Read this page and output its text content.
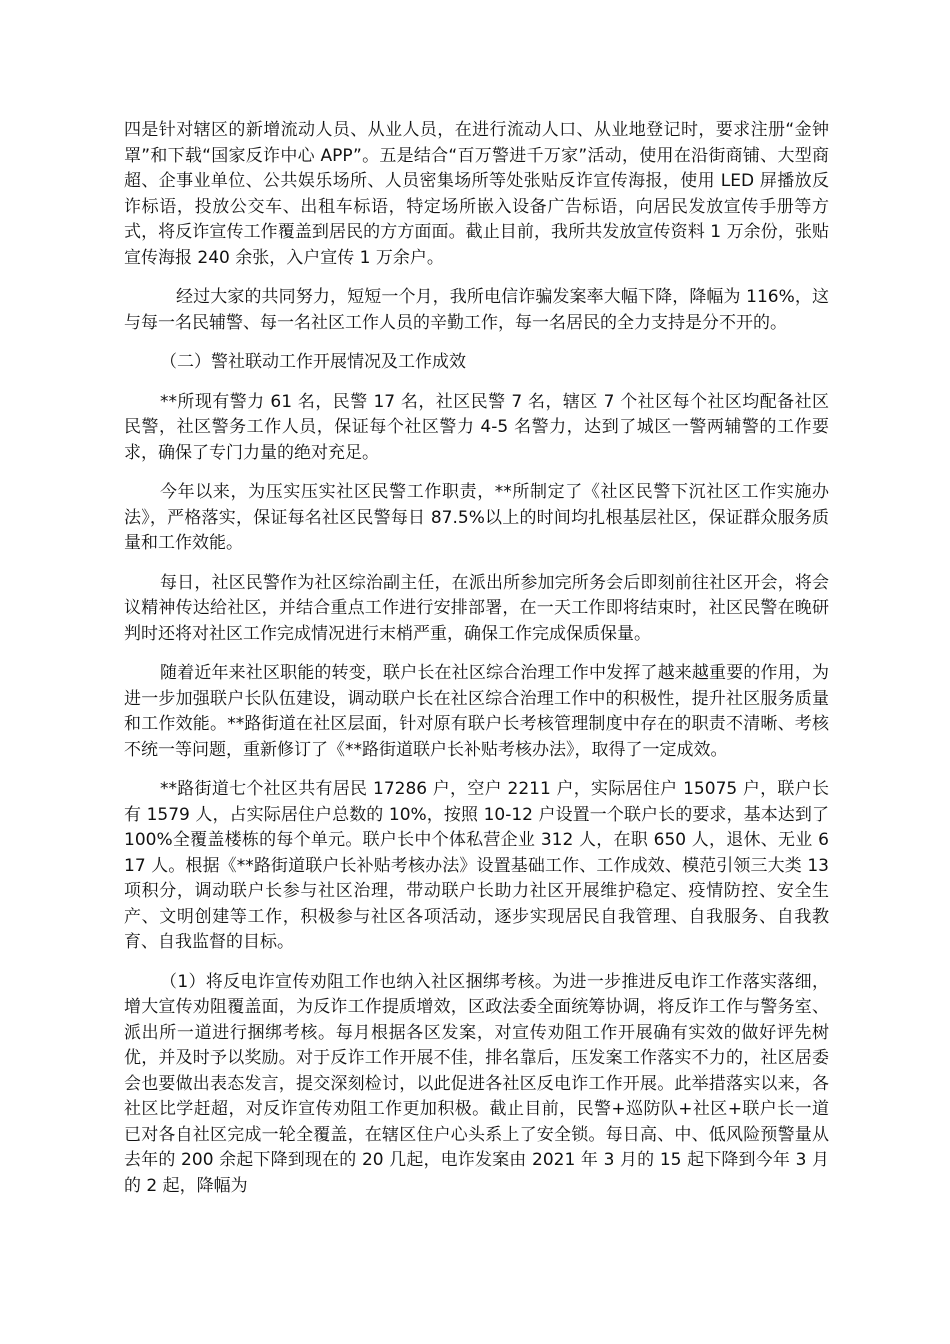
四是针对辖区的新增流动人员、从业人员，在进行流动人口、从业地登记时，要求注册“金钟罩”和下载“国家反诈中心 APP”。五是结合“百万警进千万家”活动，使用在沿街商铺、大型商超、企事业单位、公共娱乐场所、人员密集场所等处张贴反诈宣传海报，使用 LED 屏播放反诈标语，投放公交车、出租车标语，特定场所嵌入设备广告标语，向居民发放宣传手册等方式，将反诈宣传工作覆盖到居民的方方面面。截止目前，我所共发放宣传资料 1 万余份，张贴宣传海报 240 余张，入户宣传 1 万余户。

经过大家的共同努力，短短一个月，我所电信诈骗发案率大幅下降，降幅为 116%，这与每一名民辅警、每一名社区工作人员的辛勤工作，每一名居民的全力支持是分不开的。

（二）警社联动工作开展情况及工作成效

**所现有警力 61 名，民警 17 名，社区民警 7 名，辖区 7 个社区每个社区均配备社区民警，社区警务工作人员，保证每个社区警力 4-5 名警力，达到了城区一警两辅警的工作要求，确保了专门力量的绝对充足。

今年以来，为压实压实社区民警工作职责，**所制定了《社区民警下沉社区工作实施办法》，严格落实，保证每名社区民警每日 87.5%以上的时间均扎根基层社区，保证群众服务质量和工作效能。

每日，社区民警作为社区综治副主任，在派出所参加完所务会后即刻前往社区开会，将会议精神传达给社区，并结合重点工作进行安排部署，在一天工作即将结束时，社区民警在晚研判时还将对社区工作完成情况进行末梢严重，确保工作完成保质保量。

随着近年来社区职能的转变，联户长在社区综合治理工作中发挥了越来越重要的作用，为进一步加强联户长队伍建设，调动联户长在社区综合治理工作中的积极性，提升社区服务质量和工作效能。**路街道在社区层面，针对原有联户长考核管理制度中存在的职责不清晰、考核不统一等问题，重新修订了《**路街道联户长补贴考核办法》，取得了一定成效。

**路街道七个社区共有居民 17286 户，空户 2211 户，实际居住户 15075 户，联户长有 1579 人，占实际居住户总数的 10%，按照 10-12 户设置一个联户长的要求，基本达到了 100%全覆盖楼栋的每个单元。联户长中个体私营企业 312 人，在职 650 人，退休、无业 617 人。根据《**路街道联户长补贴考核办法》设置基础工作、工作成效、模范引领三大类 13 项积分，调动联户长参与社区治理，带动联户长助力社区开展维护稳定、疫情防控、安全生产、文明创建等工作，积极参与社区各项活动，逐步实现居民自我管理、自我服务、自我教育、自我监督的目标。

（1）将反电诈宣传劝阻工作也纳入社区捆绑考核。为进一步推进反电诈工作落实落细，增大宣传劝阻覆盖面，为反诈工作提质增效，区政法委全面统筹协调，将反诈工作与警务室、派出所一道进行捆绑考核。每月根据各区发案，对宣传劝阻工作开展确有实效的做好评先树优，并及时予以奖励。对于反诈工作开展不佳，排名靠后，压发案工作落实不力的，社区居委会也要做出表态发言，提交深刻检讨，以此促进各社区反电诈工作开展。此举措落实以来，各社区比学赶超，对反诈宣传劝阻工作更加积极。截止目前，民警+巡防队+社区+联户长一道已对各自社区完成一轮全覆盖，在辖区住户心头系上了安全锁。每日高、中、低风险预警量从去年的 200 余起下降到现在的 20 几起，电诈发案由 2021 年 3 月的 15 起下降到今年 3 月的 2 起，降幅为
